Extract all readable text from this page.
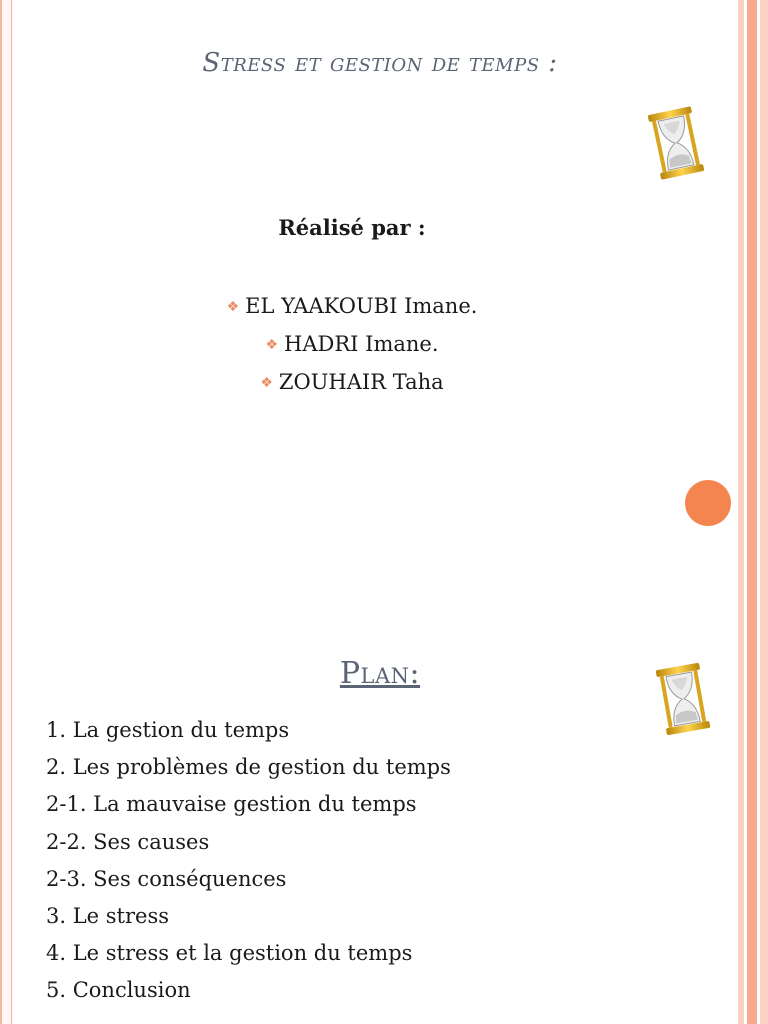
Stress et gestion de temps :
Réalisé par :
❖ EL YAAKOUBI Imane.
❖ HADRI Imane.
❖ ZOUHAIR Taha
Plan:
1. La gestion du temps
2. Les problèmes de gestion du temps
2-1. La mauvaise gestion du temps
2-2. Ses causes
2-3. Ses conséquences
3. Le stress
4. Le stress et la gestion du temps
5. Conclusion
